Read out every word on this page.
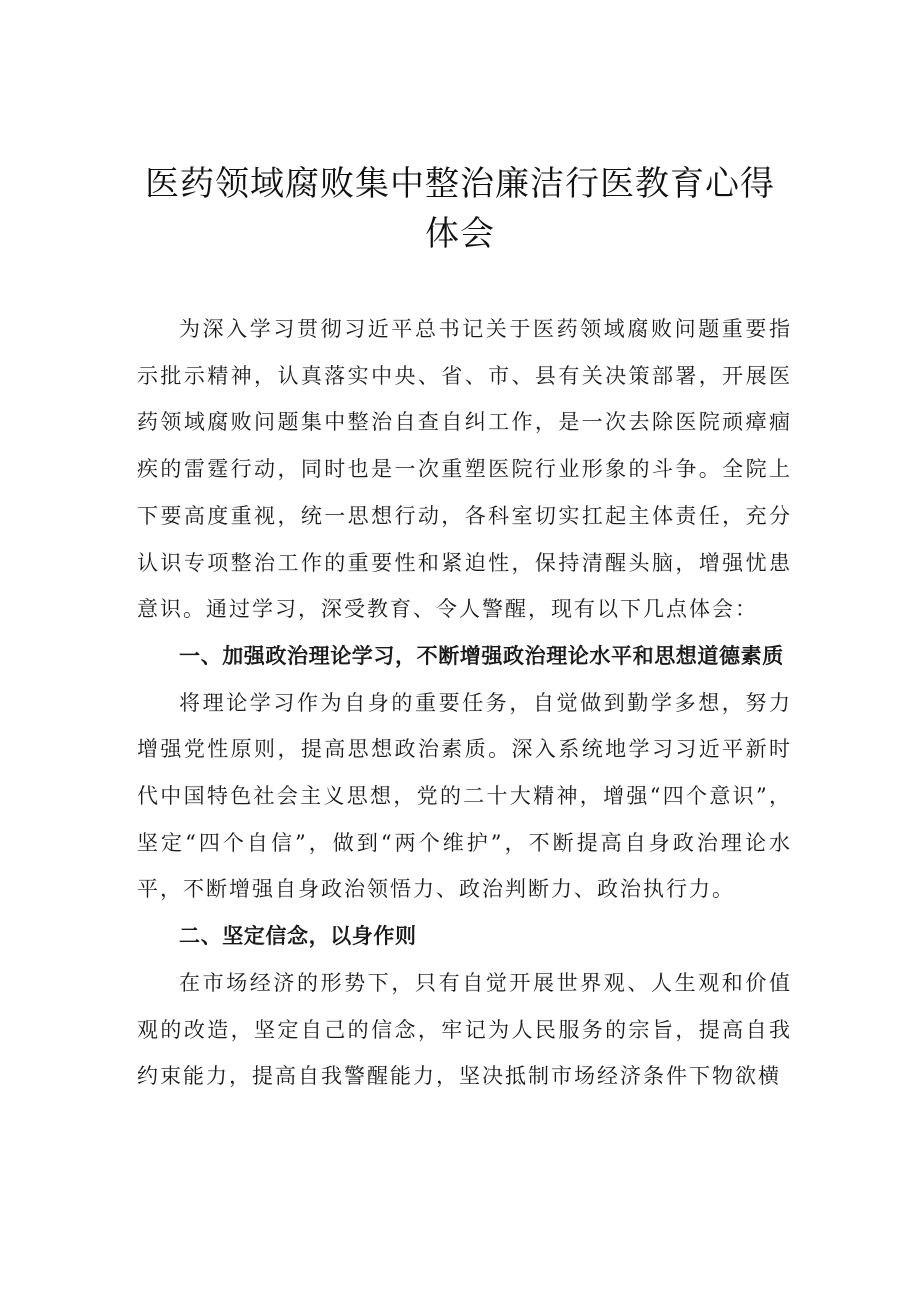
医药领域腐败集中整治廉洁行医教育心得
体会

为深入学习贯彻习近平总书记关于医药领域腐败问题重要指示批示精神，认真落实中央、省、市、县有关决策部署，开展医药领域腐败问题集中整治自查自纠工作，是一次去除医院顽瘴痼疾的雷霆行动，同时也是一次重塑医院行业形象的斗争。全院上下要高度重视，统一思想行动，各科室切实扛起主体责任，充分认识专项整治工作的重要性和紧迫性，保持清醒头脑，增强忧患意识。通过学习，深受教育、令人警醒，现有以下几点体会：

一、加强政治理论学习，不断增强政治理论水平和思想道德素质

将理论学习作为自身的重要任务，自觉做到勤学多想，努力增强党性原则，提高思想政治素质。深入系统地学习习近平新时代中国特色社会主义思想，党的二十大精神，增强“四个意识”，坚定“四个自信”，做到“两个维护”，不断提高自身政治理论水平，不断增强自身政治领悟力、政治判断力、政治执行力。

二、坚定信念，以身作则

在市场经济的形势下，只有自觉开展世界观、人生观和价值观的改造，坚定自己的信念，牢记为人民服务的宗旨，提高自我约束能力，提高自我警醒能力，坚决抵制市场经济条件下物欲横
